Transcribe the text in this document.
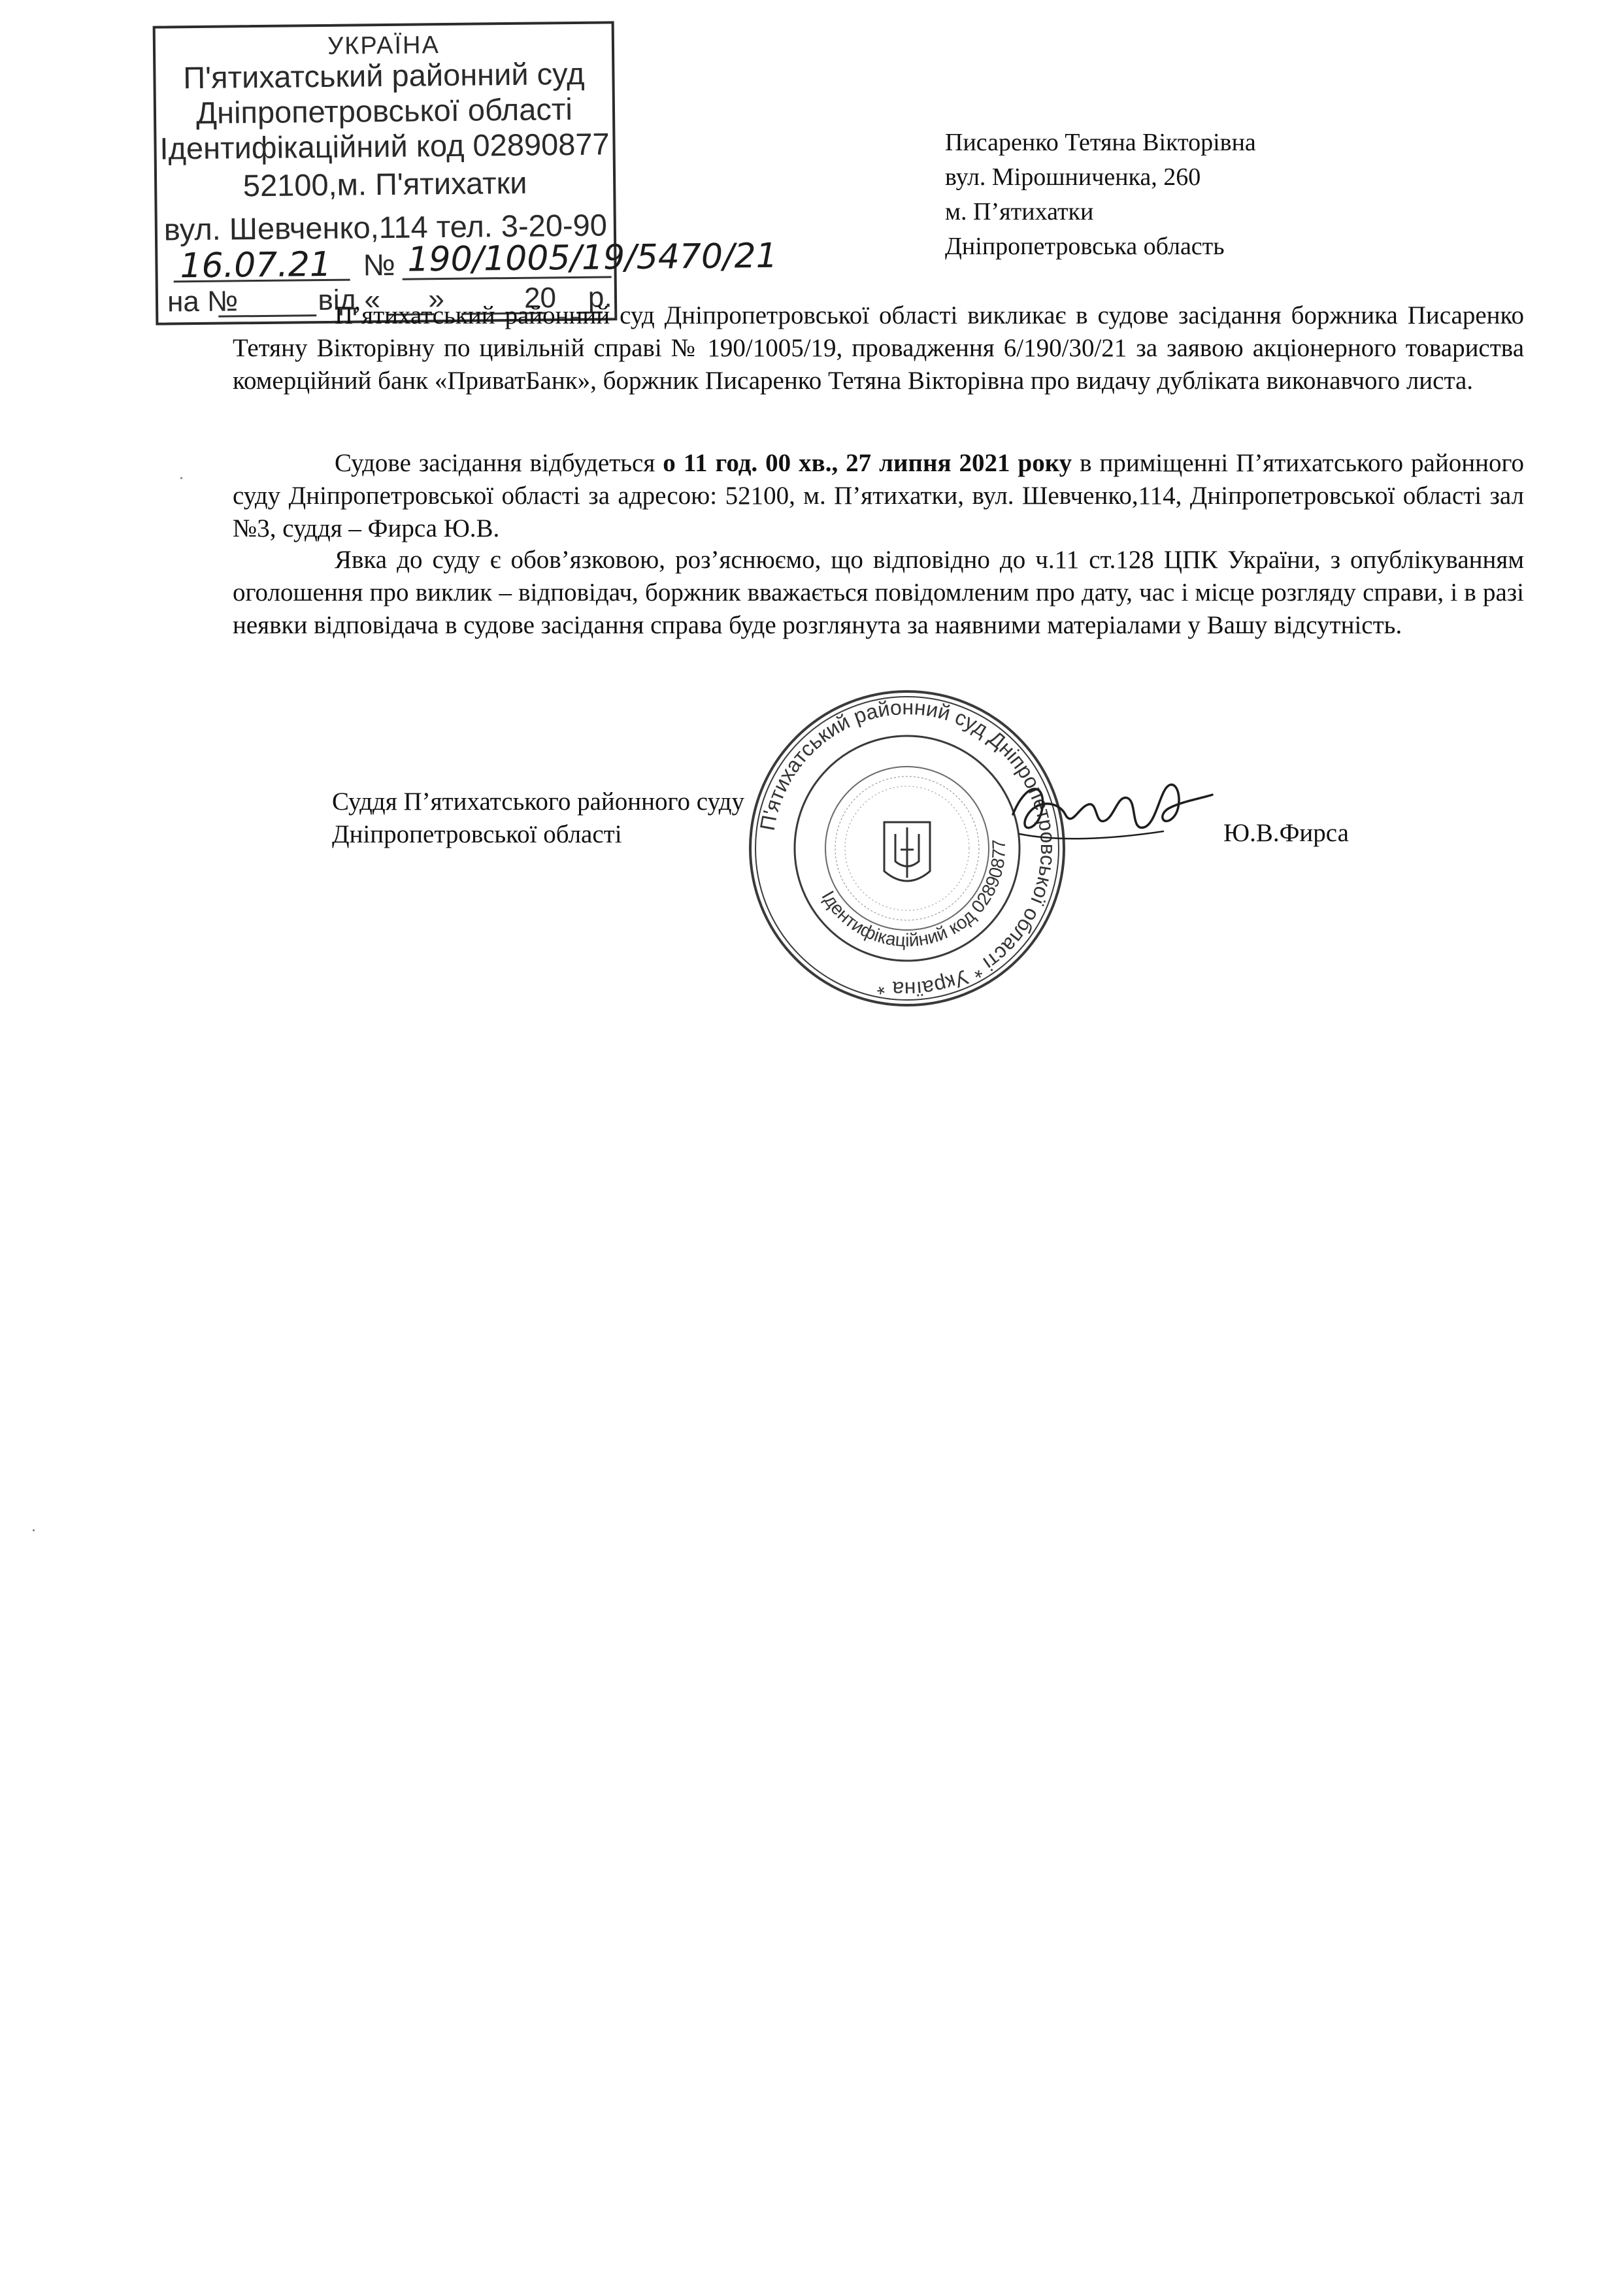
УКРАЇНА
П'ятихатський районний суд
Дніпропетровської області
Ідентифікаційний код 02890877
52100,м. П'ятихатки
вул. Шевченко,114 тел. 3-20-90
16.07.21 № 190/1005/19/5470/21
на №          від «      »          20    р.
Писаренко Тетяна Вікторівна
вул. Мірошниченка, 260
м. П’ятихатки
Дніпропетровська область
П’ятихатський районний суд Дніпропетровської області викликає в судове засідання боржника Писаренко Тетяну Вікторівну по цивільній справі № 190/1005/19, провадження 6/190/30/21 за заявою акціонерного товариства комерційний банк «ПриватБанк», боржник Писаренко Тетяна Вікторівна про видачу дубліката виконавчого листа.
Судове засідання відбудеться о 11 год. 00 хв., 27 липня 2021 року в приміщенні П’ятихатського районного суду Дніпропетровської області за адресою: 52100, м. П’ятихатки, вул. Шевченко,114, Дніпропетровської області зал №3, суддя – Фирса Ю.В.
Явка до суду є обов’язковою, роз’яснюємо, що відповідно до ч.11 ст.128 ЦПК України, з опублікуванням оголошення про виклик – відповідач, боржник вважається повідомленим про дату, час і місце розгляду справи, і в разі неявки відповідача в судове засідання справа буде розглянута за наявними матеріалами у Вашу відсутність.
П'ятихатський районний суд Дніпропетровської області * Україна *
Ідентифікаційний код 02890877
Суддя П’ятихатського районного суду
Дніпропетровської області	Ю.В.Фирса
